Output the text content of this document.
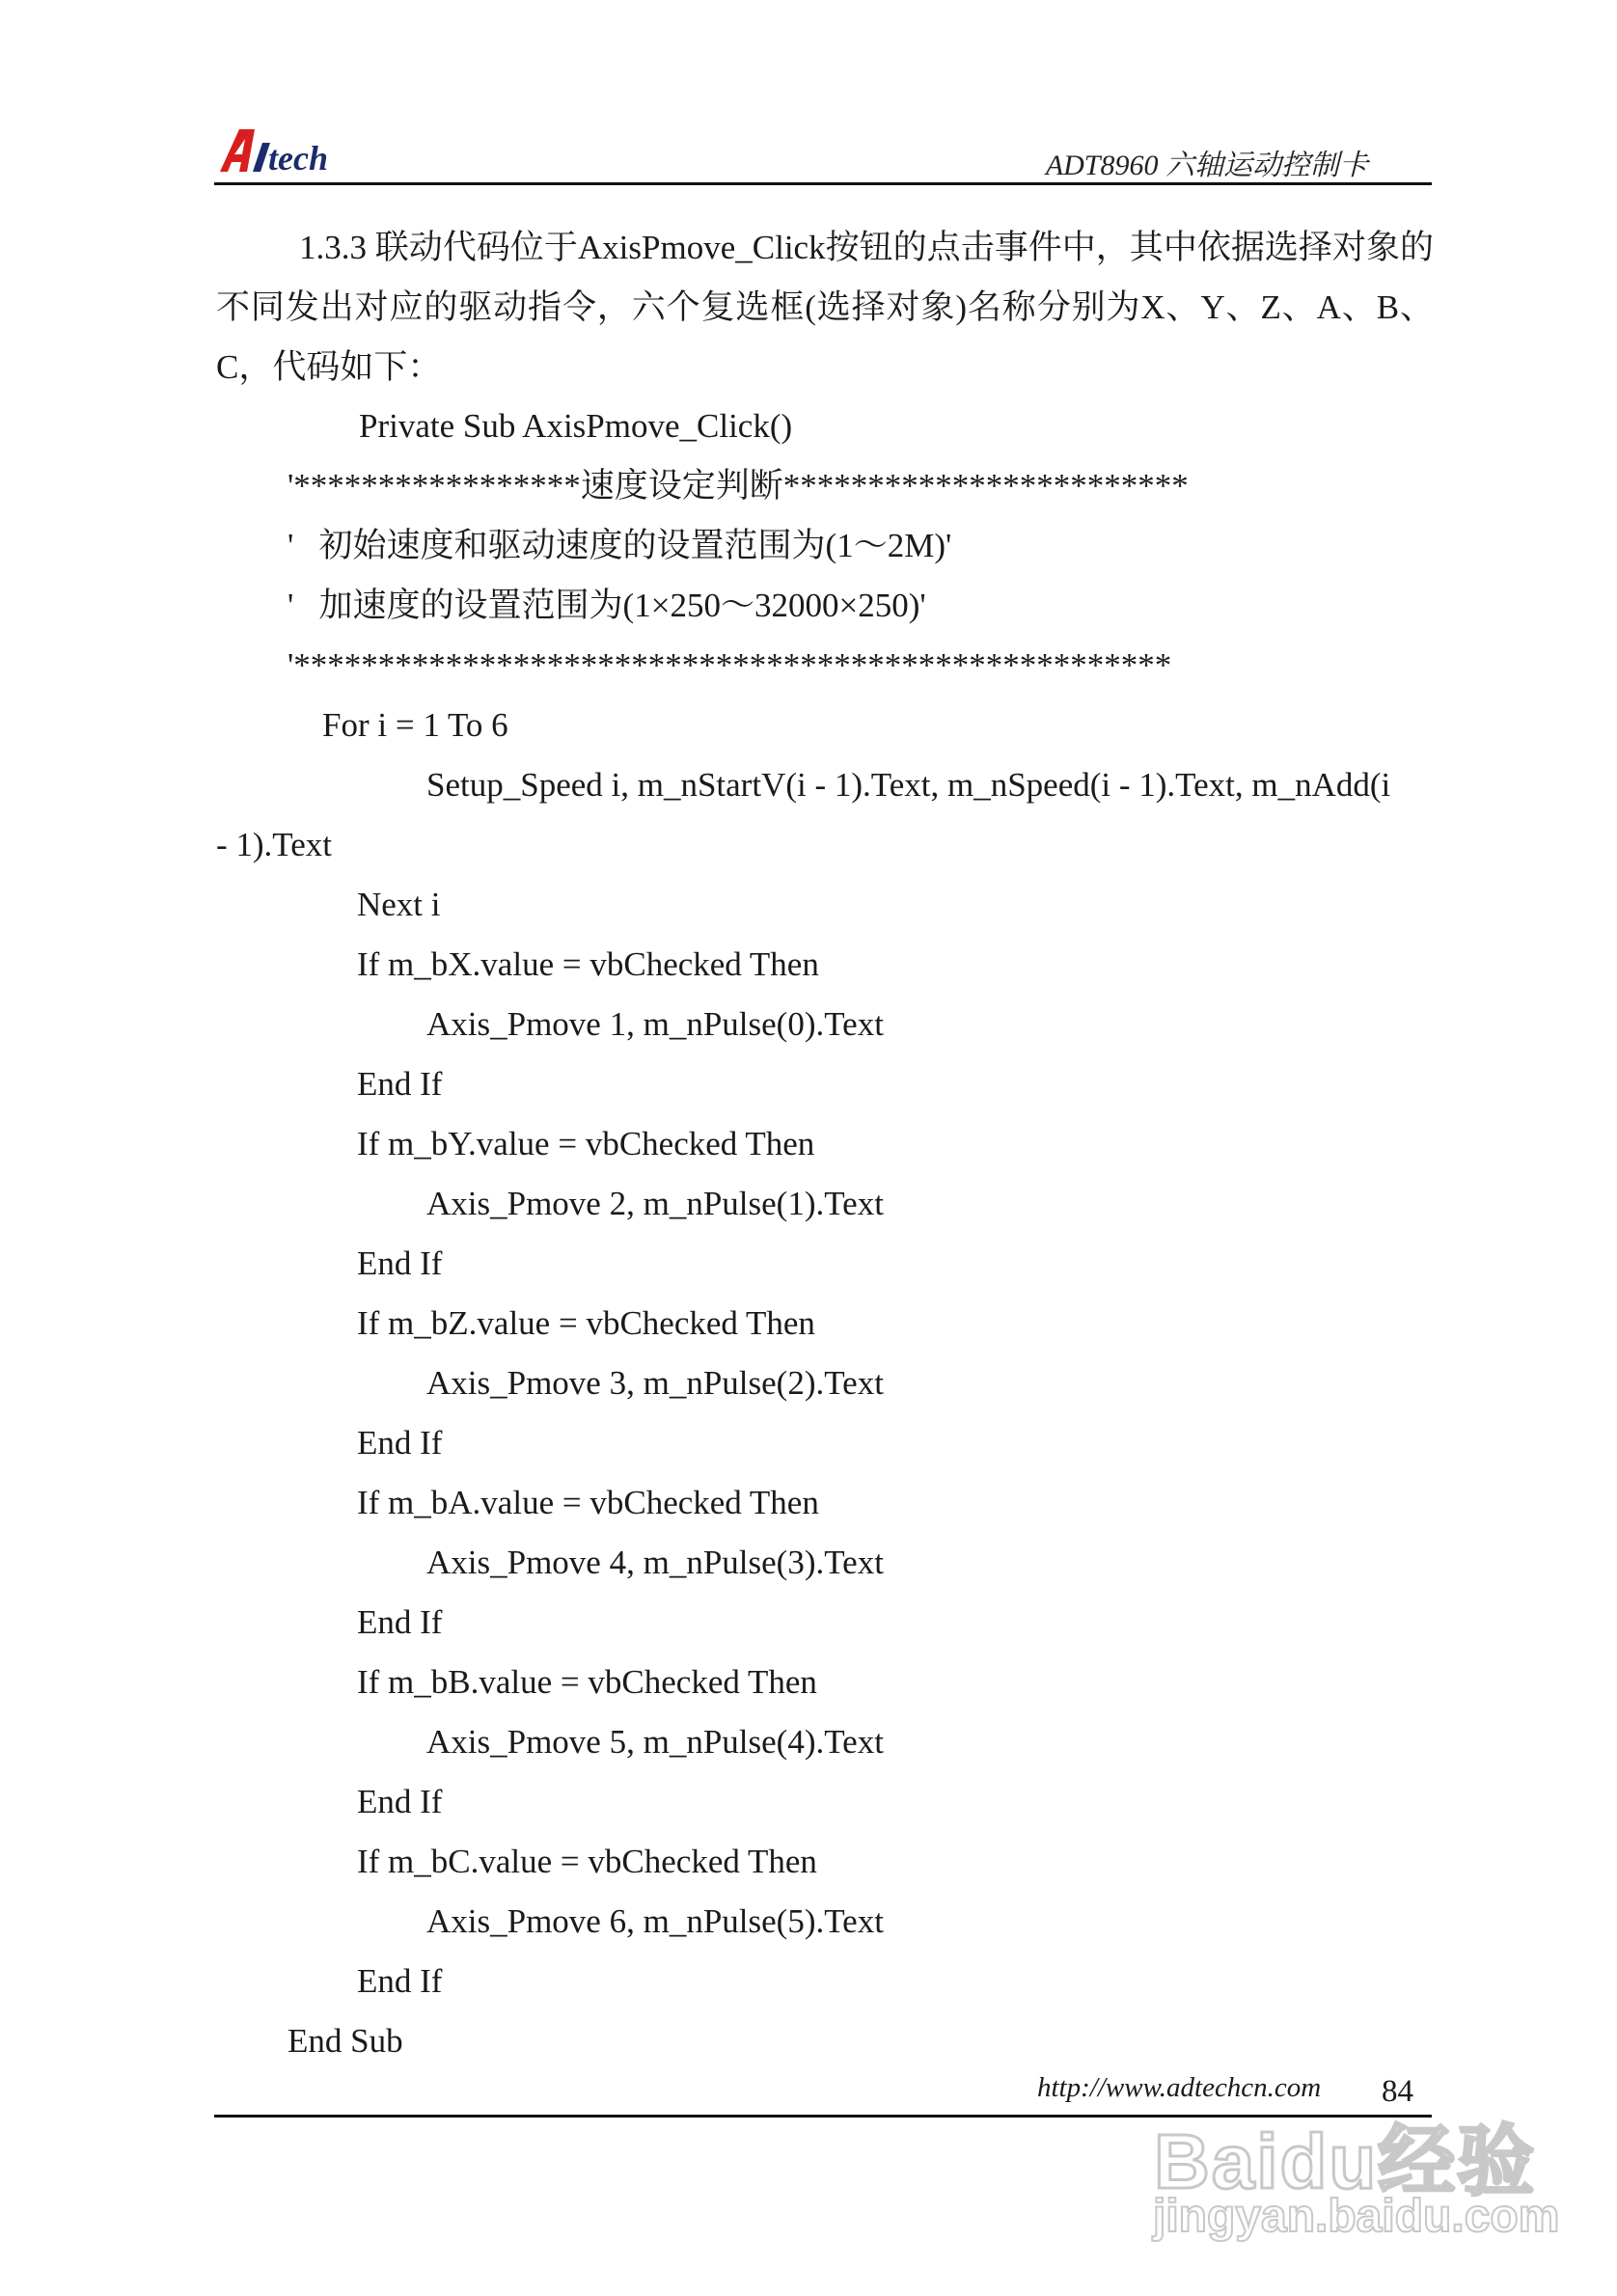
tech	ADT8960 六轴运动控制卡
1.3.3 联动代码位于AxisPmove_Click按钮的点击事件中，其中依据选择对象的不同发出对应的驱动指令，六个复选框(选择对象)名称分别为X、Y、Z、A、B、C，代码如下：
Private Sub AxisPmove_Click()
'*****************速度设定判断************************
'   初始速度和驱动速度的设置范围为(1～2M)'
'   加速度的设置范围为(1×250～32000×250)'
'****************************************************
For i = 1 To 6
Setup_Speed i, m_nStartV(i - 1).Text, m_nSpeed(i - 1).Text, m_nAdd(i
- 1).Text
Next i
If m_bX.value = vbChecked Then
Axis_Pmove 1, m_nPulse(0).Text
End If
If m_bY.value = vbChecked Then
Axis_Pmove 2, m_nPulse(1).Text
End If
If m_bZ.value = vbChecked Then
Axis_Pmove 3, m_nPulse(2).Text
End If
If m_bA.value = vbChecked Then
Axis_Pmove 4, m_nPulse(3).Text
End If
If m_bB.value = vbChecked Then
Axis_Pmove 5, m_nPulse(4).Text
End If
If m_bC.value = vbChecked Then
Axis_Pmove 6, m_nPulse(5).Text
End If
End Sub
http://www.adtechcn.com 84
Baidu经验
jingyan.baidu.com
